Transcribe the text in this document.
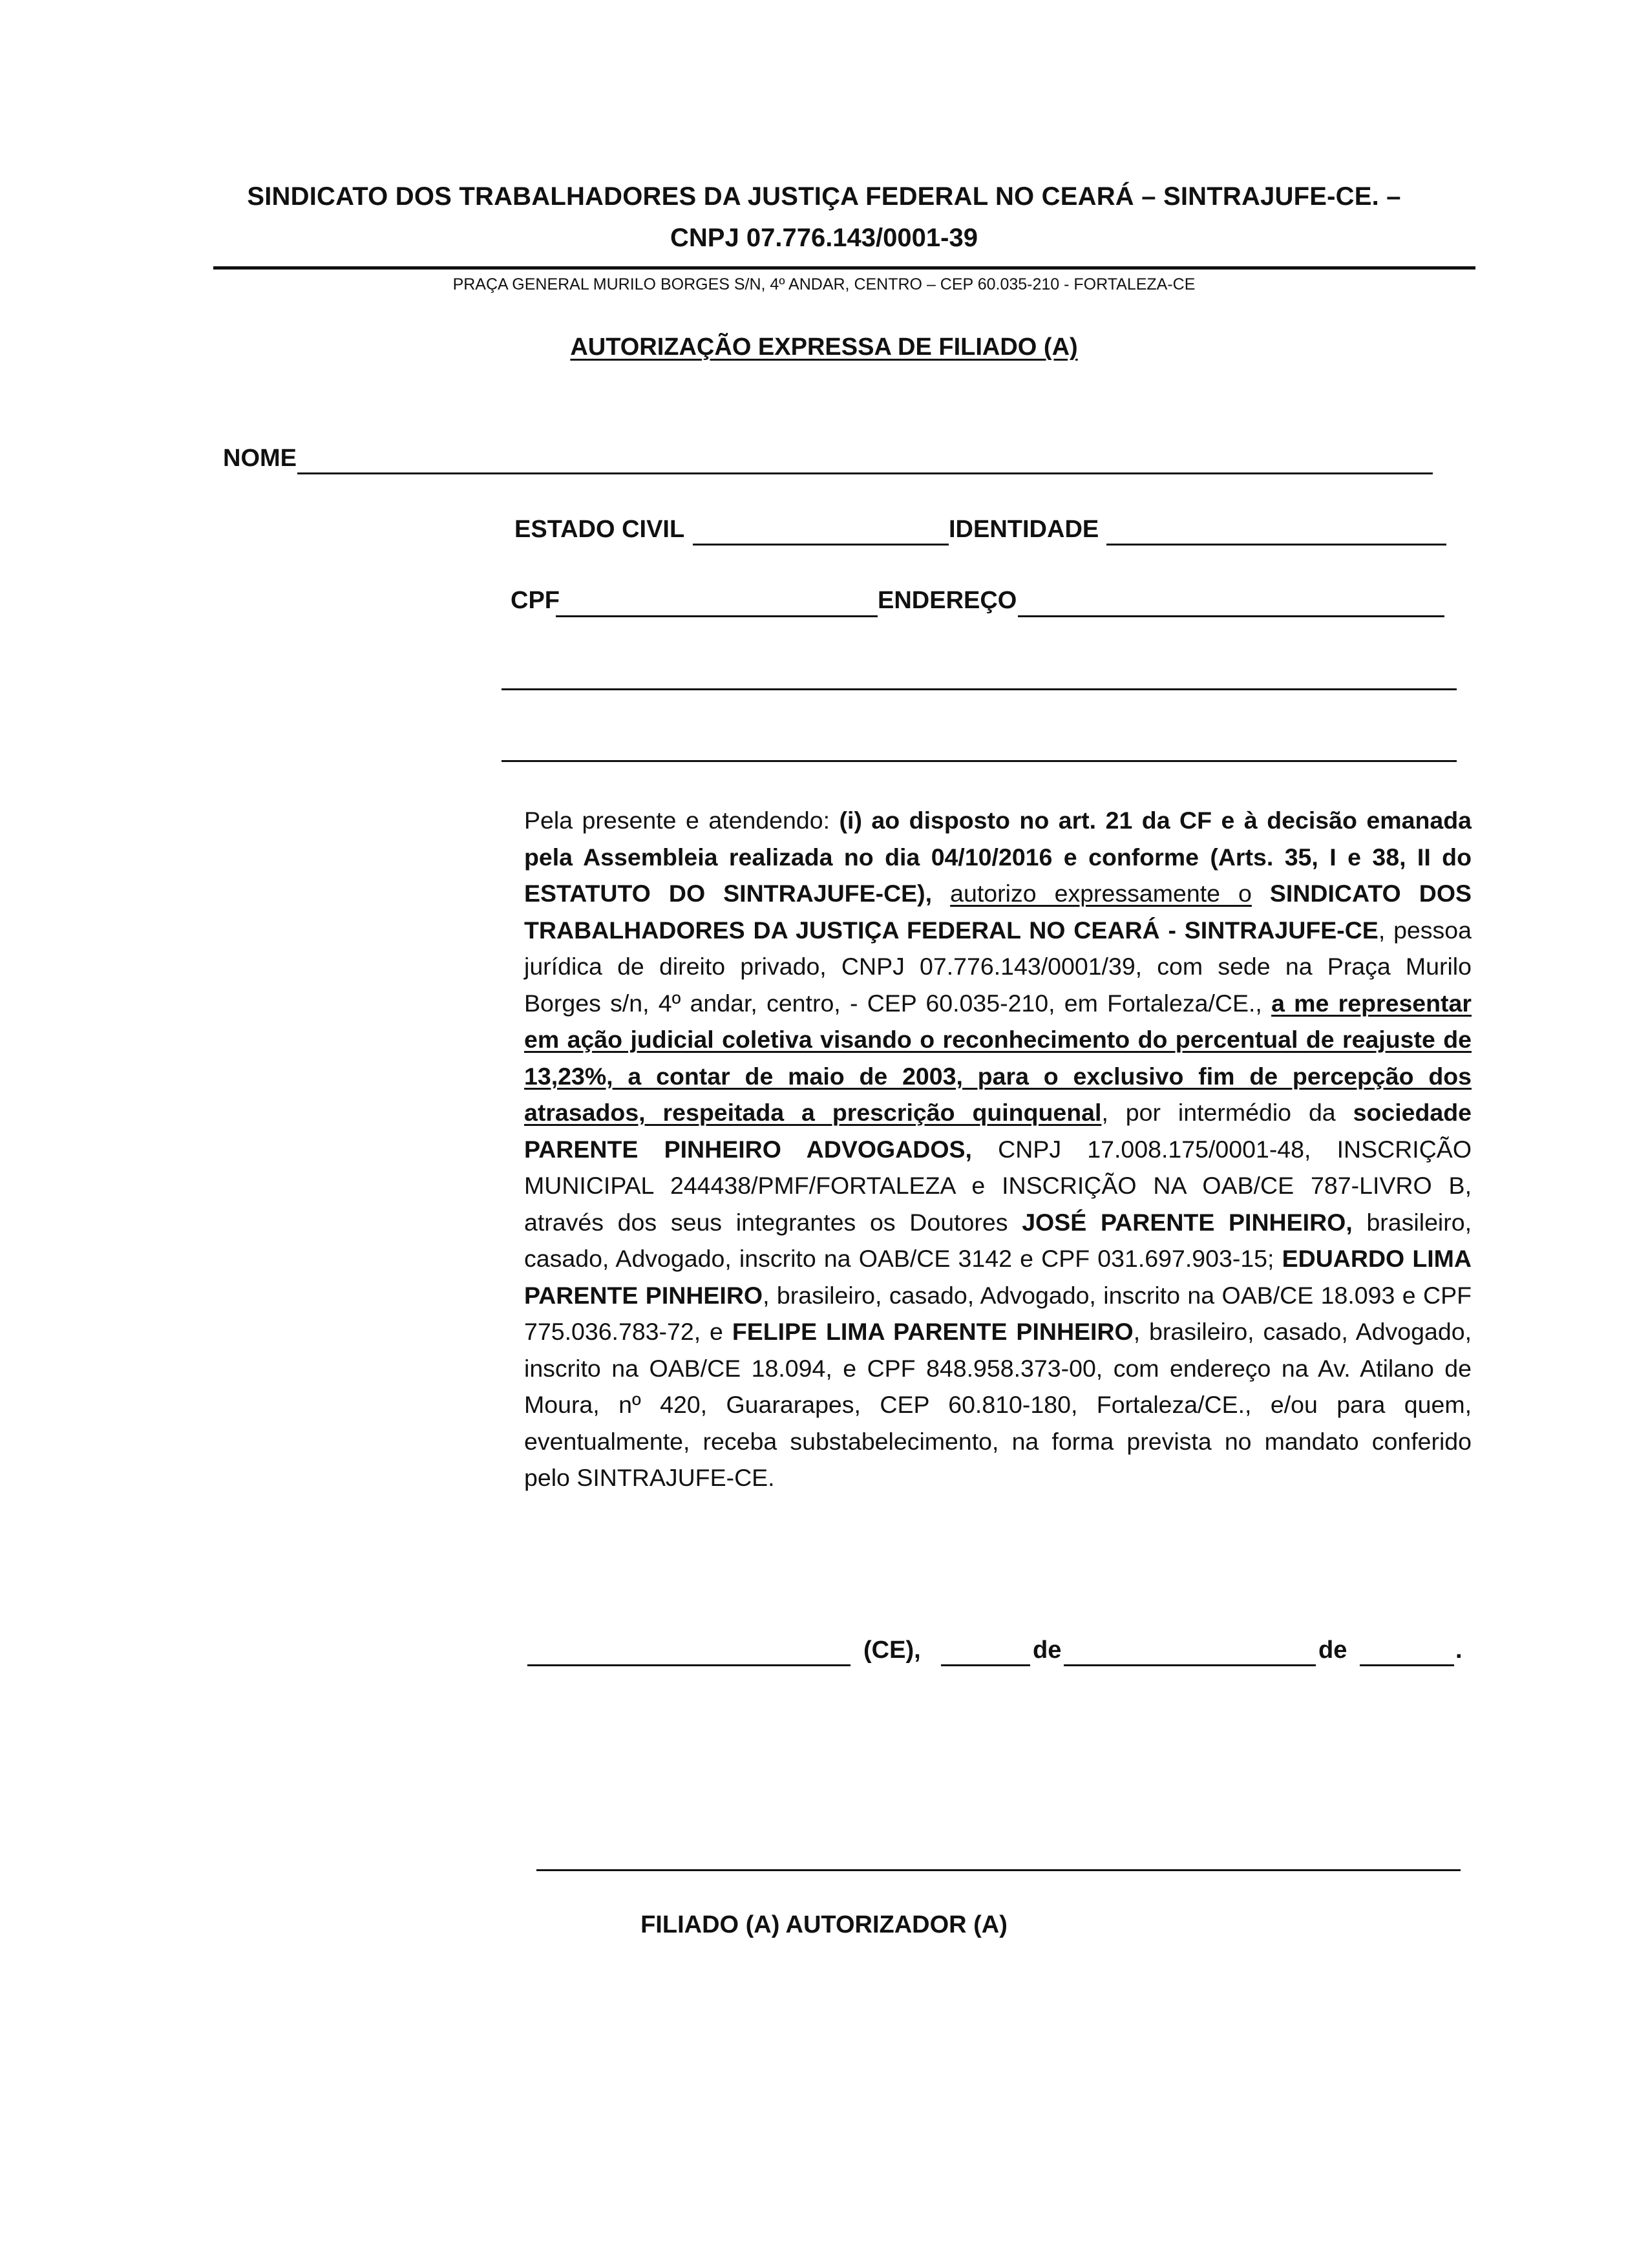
SINDICATO DOS TRABALHADORES DA JUSTIÇA FEDERAL NO CEARÁ – SINTRAJUFE-CE. –
CNPJ 07.776.143/0001-39
PRAÇA GENERAL MURILO BORGES S/N, 4º ANDAR, CENTRO – CEP 60.035-210 - FORTALEZA-CE
AUTORIZAÇÃO EXPRESSA DE FILIADO (A)
NOME
ESTADO CIVIL	IDENTIDADE
CPF	ENDEREÇO
Pela presente e atendendo: (i) ao disposto no art. 21 da CF e à decisão emanada pela Assembleia realizada no dia 04/10/2016 e conforme (Arts. 35, I e 38, II do ESTATUTO DO SINTRAJUFE-CE), autorizo expressamente o SINDICATO DOS TRABALHADORES DA JUSTIÇA FEDERAL NO CEARÁ - SINTRAJUFE-CE, pessoa jurídica de direito privado, CNPJ 07.776.143/0001/39, com sede na Praça Murilo Borges s/n, 4º andar, centro, - CEP 60.035-210, em Fortaleza/CE., a me representar em ação judicial coletiva visando o reconhecimento do percentual de reajuste de 13,23%, a contar de maio de 2003, para o exclusivo fim de percepção dos atrasados, respeitada a prescrição quinquenal, por intermédio da sociedade PARENTE PINHEIRO ADVOGADOS, CNPJ 17.008.175/0001-48, INSCRIÇÃO MUNICIPAL 244438/PMF/FORTALEZA e INSCRIÇÃO NA OAB/CE 787-LIVRO B, através dos seus integrantes os Doutores JOSÉ PARENTE PINHEIRO, brasileiro, casado, Advogado, inscrito na OAB/CE 3142 e CPF 031.697.903-15; EDUARDO LIMA PARENTE PINHEIRO, brasileiro, casado, Advogado, inscrito na OAB/CE 18.093 e CPF 775.036.783-72, e FELIPE LIMA PARENTE PINHEIRO, brasileiro, casado, Advogado, inscrito na OAB/CE 18.094, e CPF 848.958.373-00, com endereço na Av. Atilano de Moura, nº 420, Guararapes, CEP 60.810-180, Fortaleza/CE., e/ou para quem, eventualmente, receba substabelecimento, na forma prevista no mandato conferido pelo SINTRAJUFE-CE.
(CE),	de	de	.
FILIADO (A) AUTORIZADOR (A)
